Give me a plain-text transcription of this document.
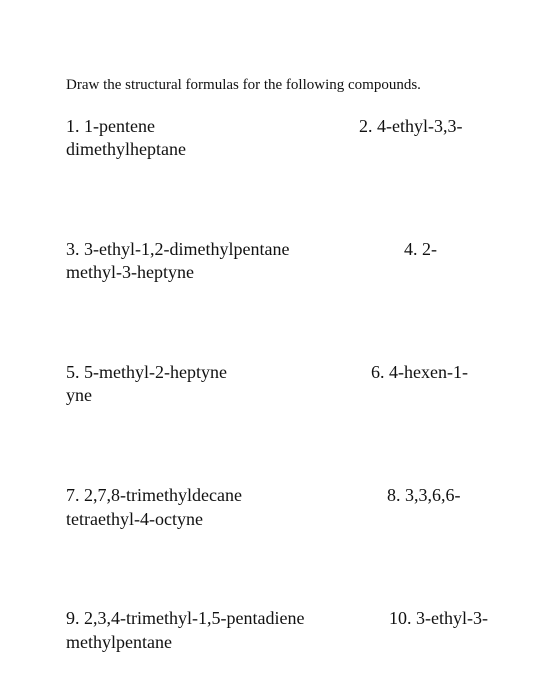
Draw the structural formulas for the following compounds.
1. 1-pentene	2. 4-ethyl-3,3-
dimethylheptane
3. 3-ethyl-1,2-dimethylpentane	4. 2-
methyl-3-heptyne
5. 5-methyl-2-heptyne	6. 4-hexen-1-
yne
7. 2,7,8-trimethyldecane	8. 3,3,6,6-
tetraethyl-4-octyne
9. 2,3,4-trimethyl-1,5-pentadiene	10. 3-ethyl-3-
methylpentane
